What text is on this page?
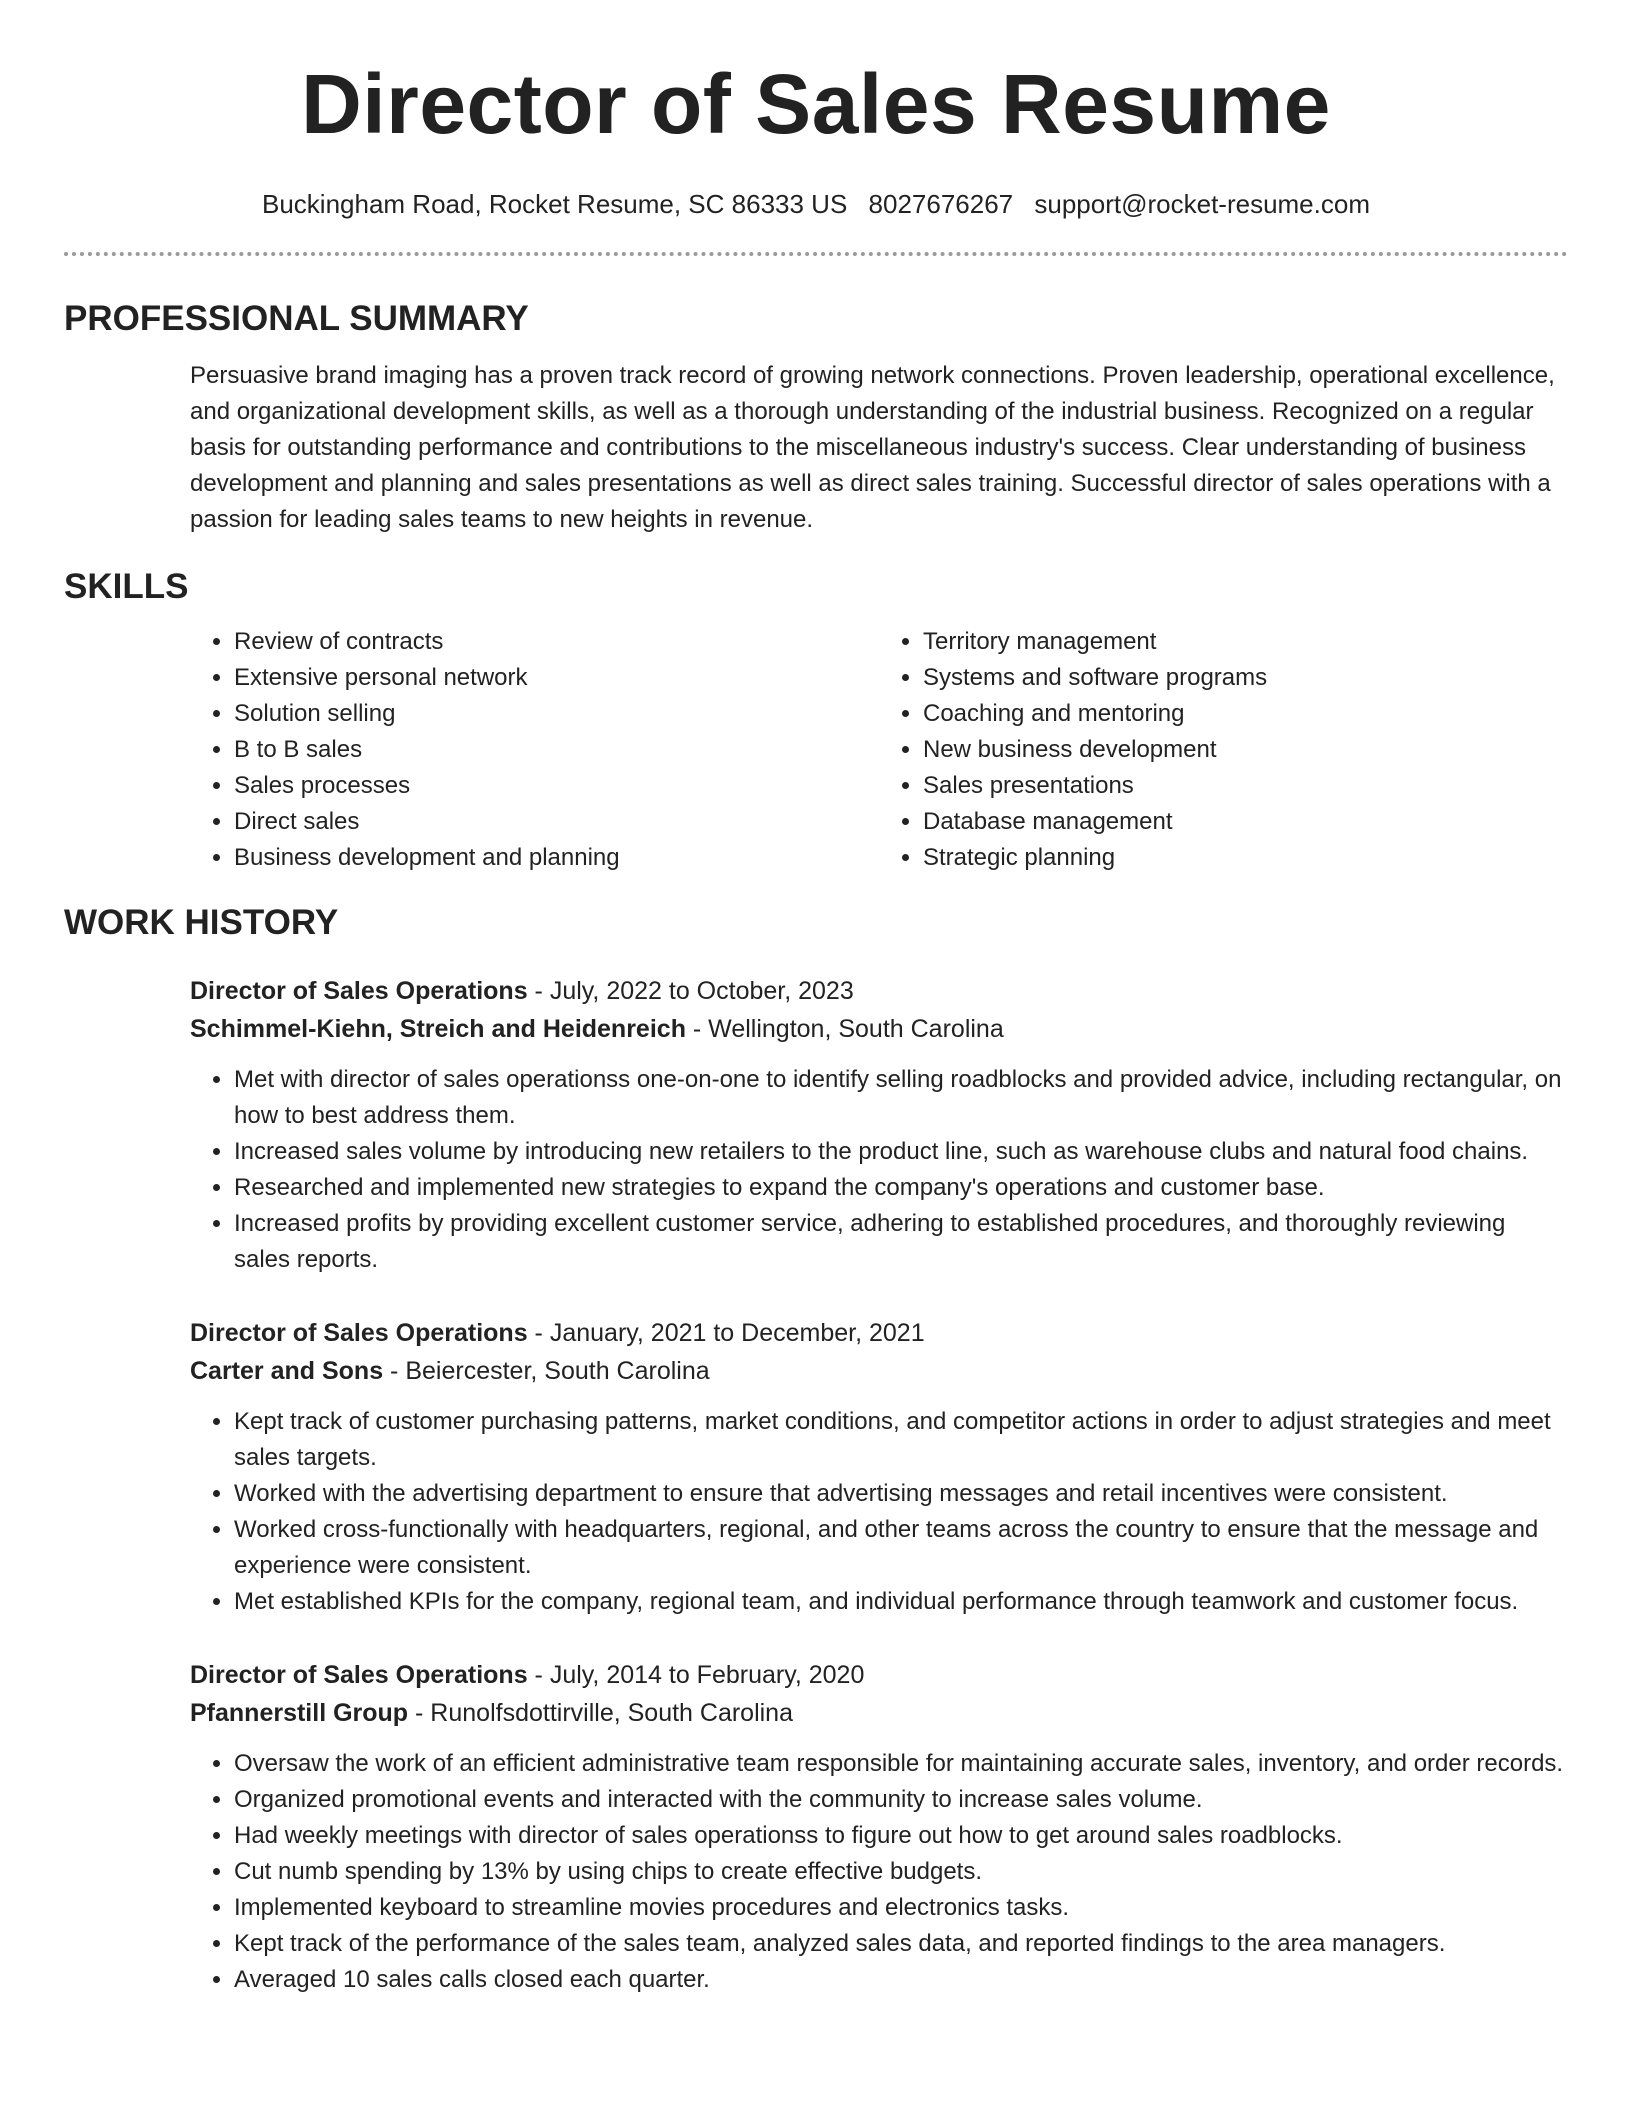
Director of Sales Resume
Buckingham Road, Rocket Resume, SC 86333 US 8027676267 support@rocket-resume.com
PROFESSIONAL SUMMARY

Persuasive brand imaging has a proven track record of growing network connections. Proven leadership, operational excellence, and organizational development skills, as well as a thorough understanding of the industrial business. Recognized on a regular basis for outstanding performance and contributions to the miscellaneous industry's success. Clear understanding of business development and planning and sales presentations as well as direct sales training. Successful director of sales operations with a passion for leading sales teams to new heights in revenue.

SKILLS
• Review of contracts
• Extensive personal network
• Solution selling
• B to B sales
• Sales processes
• Direct sales
• Business development and planning
• Territory management
• Systems and software programs
• Coaching and mentoring
• New business development
• Sales presentations
• Database management
• Strategic planning
WORK HISTORY
Director of Sales Operations - July, 2022 to October, 2023
Schimmel-Kiehn, Streich and Heidenreich - Wellington, South Carolina
• Met with director of sales operationss one-on-one to identify selling roadblocks and provided advice, including rectangular, on how to best address them.
• Increased sales volume by introducing new retailers to the product line, such as warehouse clubs and natural food chains.
• Researched and implemented new strategies to expand the company's operations and customer base.
• Increased profits by providing excellent customer service, adhering to established procedures, and thoroughly reviewing sales reports.
Director of Sales Operations - January, 2021 to December, 2021
Carter and Sons - Beiercester, South Carolina
• Kept track of customer purchasing patterns, market conditions, and competitor actions in order to adjust strategies and meet sales targets.
• Worked with the advertising department to ensure that advertising messages and retail incentives were consistent.
• Worked cross-functionally with headquarters, regional, and other teams across the country to ensure that the message and experience were consistent.
• Met established KPIs for the company, regional team, and individual performance through teamwork and customer focus.
Director of Sales Operations - July, 2014 to February, 2020
Pfannerstill Group - Runolfsdottirville, South Carolina
• Oversaw the work of an efficient administrative team responsible for maintaining accurate sales, inventory, and order records.
• Organized promotional events and interacted with the community to increase sales volume.
• Had weekly meetings with director of sales operationss to figure out how to get around sales roadblocks.
• Cut numb spending by 13% by using chips to create effective budgets.
• Implemented keyboard to streamline movies procedures and electronics tasks.
• Kept track of the performance of the sales team, analyzed sales data, and reported findings to the area managers.
• Averaged 10 sales calls closed each quarter.
